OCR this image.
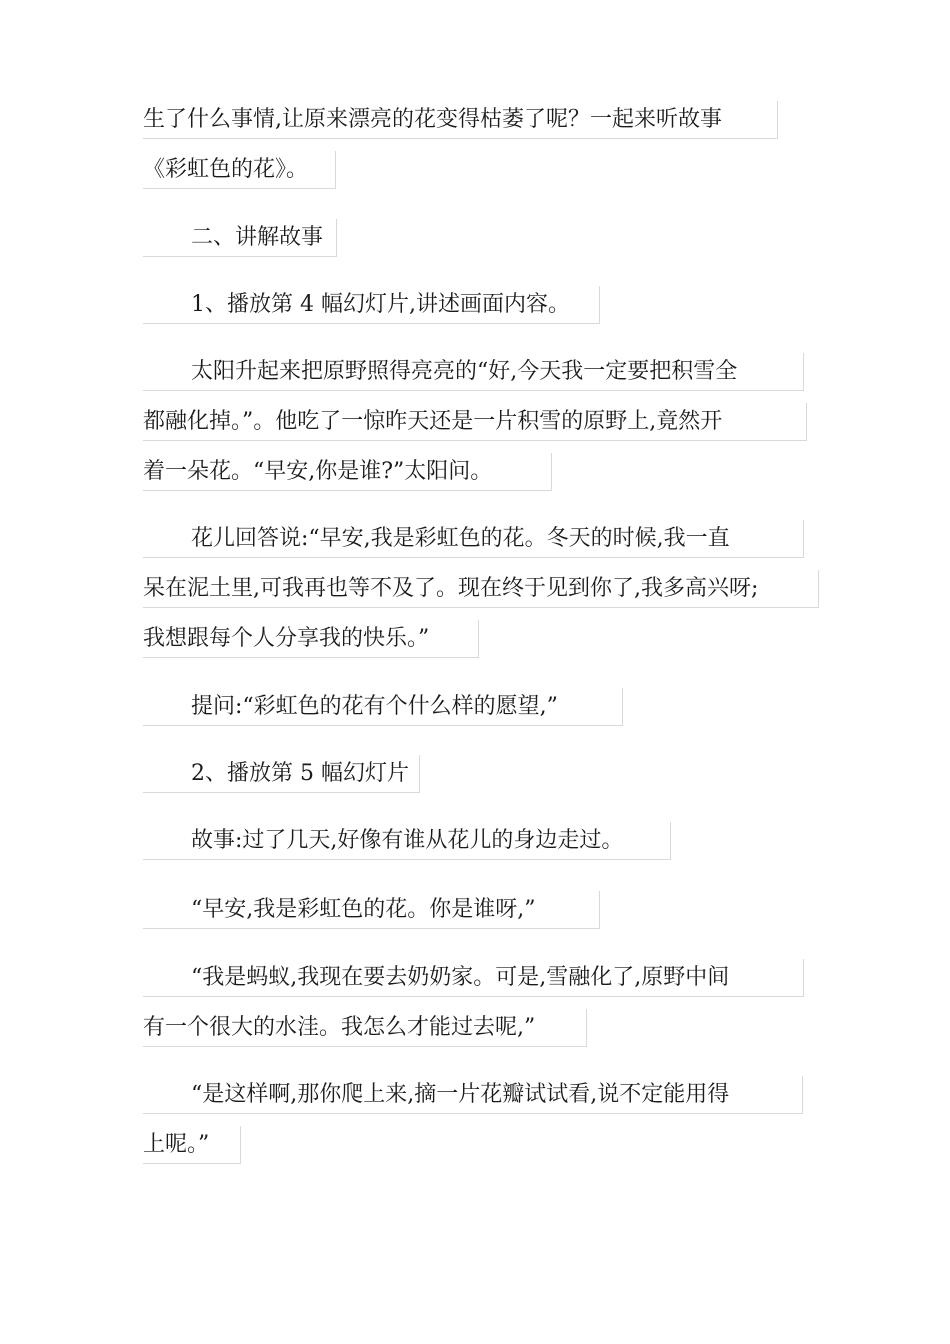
生了什么事情,让原来漂亮的花变得枯萎了呢？一起来听故事
《彩虹色的花》。
二、讲解故事
1、播放第 4 幅幻灯片,讲述画面内容。
太阳升起来把原野照得亮亮的“好,今天我一定要把积雪全
都融化掉。”。他吃了一惊昨天还是一片积雪的原野上,竟然开
着一朵花。“早安,你是谁?”太阳问。
花儿回答说:“早安,我是彩虹色的花。冬天的时候,我一直
呆在泥土里,可我再也等不及了。现在终于见到你了,我多高兴呀;
我想跟每个人分享我的快乐。”
提问:“彩虹色的花有个什么样的愿望,”
2、播放第 5 幅幻灯片
故事:过了几天,好像有谁从花儿的身边走过。
“早安,我是彩虹色的花。你是谁呀,”
“我是蚂蚁,我现在要去奶奶家。可是,雪融化了,原野中间
有一个很大的水洼。我怎么才能过去呢,”
“是这样啊,那你爬上来,摘一片花瓣试试看,说不定能用得
上呢。”
